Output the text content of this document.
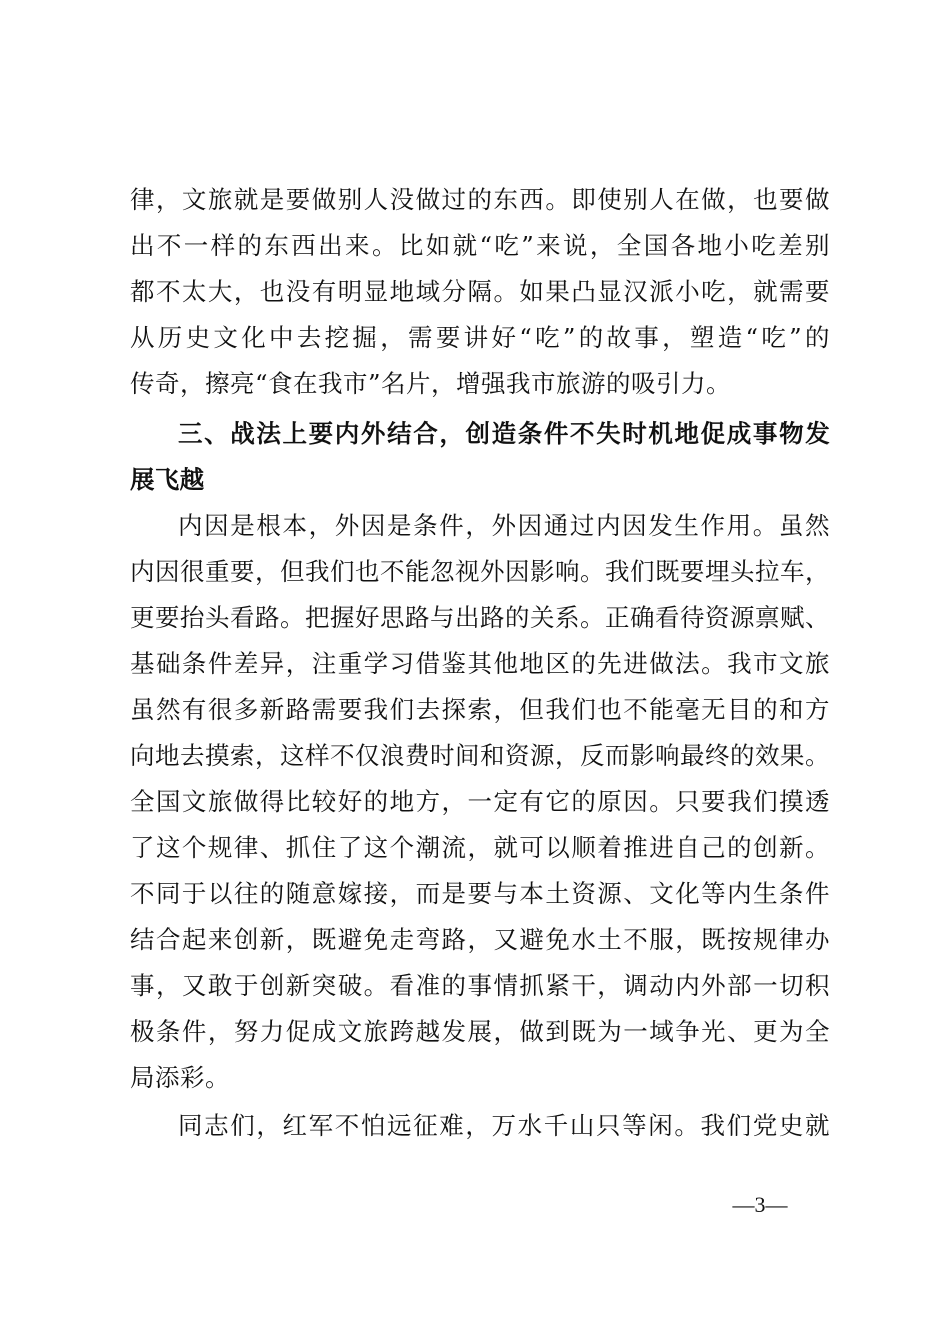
律，文旅就是要做别人没做过的东西。即使别人在做，也要做
出不一样的东西出来。比如就“吃”来说，全国各地小吃差别
都不太大，也没有明显地域分隔。如果凸显汉派小吃，就需要
从历史文化中去挖掘，需要讲好“吃”的故事，塑造“吃”的
传奇，擦亮“食在我市”名片，增强我市旅游的吸引力。
三、战法上要内外结合，创造条件不失时机地促成事物发
展飞越
内因是根本，外因是条件，外因通过内因发生作用。虽然
内因很重要，但我们也不能忽视外因影响。我们既要埋头拉车，
更要抬头看路。把握好思路与出路的关系。正确看待资源禀赋、
基础条件差异，注重学习借鉴其他地区的先进做法。我市文旅
虽然有很多新路需要我们去探索，但我们也不能毫无目的和方
向地去摸索，这样不仅浪费时间和资源，反而影响最终的效果。
全国文旅做得比较好的地方，一定有它的原因。只要我们摸透
了这个规律、抓住了这个潮流，就可以顺着推进自己的创新。
不同于以往的随意嫁接，而是要与本土资源、文化等内生条件
结合起来创新，既避免走弯路，又避免水土不服，既按规律办
事，又敢于创新突破。看准的事情抓紧干，调动内外部一切积
极条件，努力促成文旅跨越发展，做到既为一域争光、更为全
局添彩。
同志们，红军不怕远征难，万水千山只等闲。我们党史就
—3—
